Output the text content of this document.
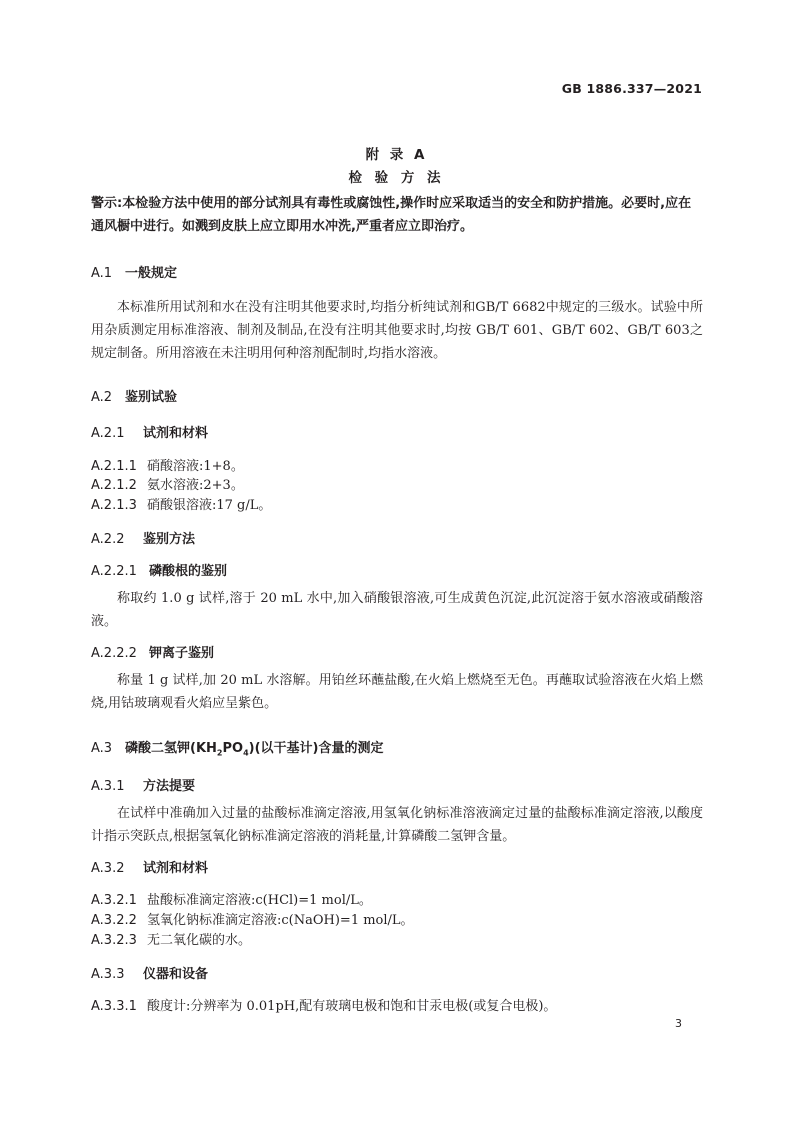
GB 1886.337—2021
附 录 A
检 验 方 法
警示:本检验方法中使用的部分试剂具有毒性或腐蚀性,操作时应采取适当的安全和防护措施。必要时,应在通风橱中进行。如溅到皮肤上应立即用水冲洗,严重者应立即治疗。
A.1 一般规定
本标准所用试剂和水在没有注明其他要求时,均指分析纯试剂和GB/T 6682中规定的三级水。试验中所用杂质测定用标准溶液、制剂及制品,在没有注明其他要求时,均按 GB/T 601、GB/T 602、GB/T 603之规定制备。所用溶液在未注明用何种溶剂配制时,均指水溶液。
A.2 鉴别试验
A.2.1 试剂和材料
A.2.1.1 硝酸溶液:1+8。
A.2.1.2 氨水溶液:2+3。
A.2.1.3 硝酸银溶液:17 g/L。
A.2.2 鉴别方法
A.2.2.1 磷酸根的鉴别
称取约 1.0 g 试样,溶于 20 mL 水中,加入硝酸银溶液,可生成黄色沉淀,此沉淀溶于氨水溶液或硝酸溶液。
A.2.2.2 钾离子鉴别
称量 1 g 试样,加 20 mL 水溶解。用铂丝环蘸盐酸,在火焰上燃烧至无色。再蘸取试验溶液在火焰上燃烧,用钴玻璃观看火焰应呈紫色。
A.3 磷酸二氢钾$(KH_2PO_4)$(以干基计)含量的测定
A.3.1 方法提要
在试样中准确加入过量的盐酸标准滴定溶液,用氢氧化钠标准溶液滴定过量的盐酸标准滴定溶液,以酸度计指示突跃点,根据氢氧化钠标准滴定溶液的消耗量,计算磷酸二氢钾含量。
A.3.2 试剂和材料
A.3.2.1 盐酸标准滴定溶液:c(HCl)=1 mol/L。
A.3.2.2 氢氧化钠标准滴定溶液:c(NaOH)=1 mol/L。
A.3.2.3 无二氧化碳的水。
A.3.3 仪器和设备
A.3.3.1 酸度计:分辨率为 0.01pH,配有玻璃电极和饱和甘汞电极(或复合电极)。
3
